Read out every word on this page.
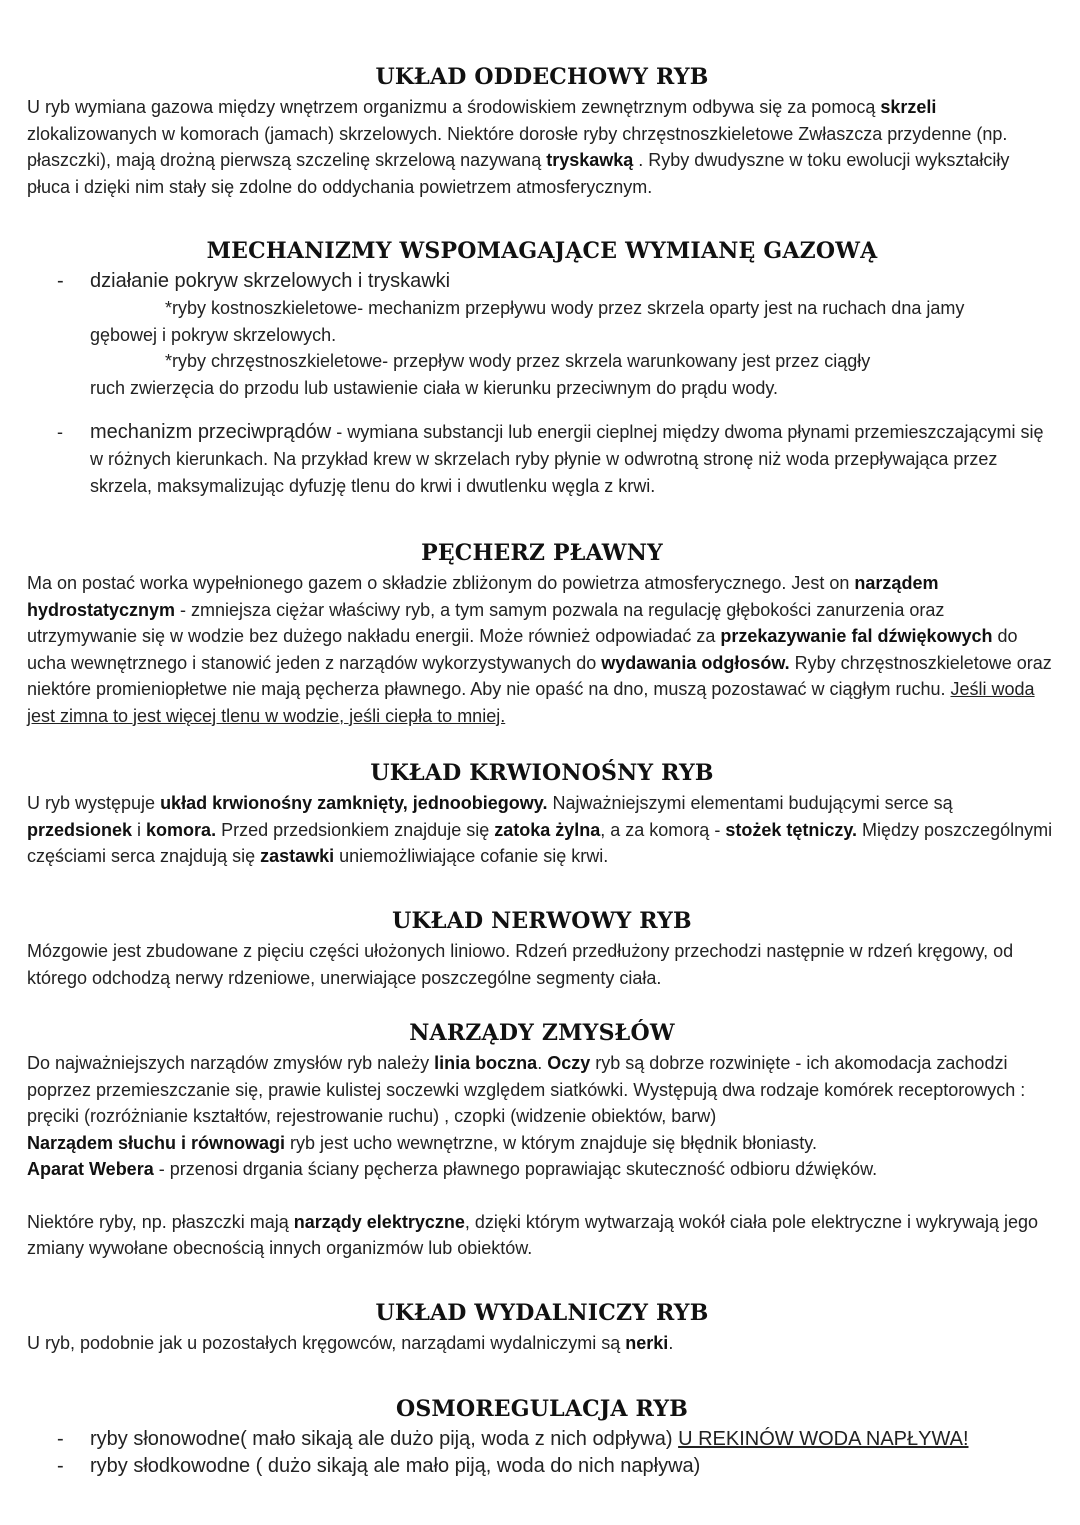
UKŁAD ODDECHOWY RYB

U ryb wymiana gazowa między wnętrzem organizmu a środowiskiem zewnętrznym odbywa się za pomocą skrzeli zlokalizowanych w komorach (jamach) skrzelowych. Niektóre dorosłe ryby chrzęstnoszkieletowe Zwłaszcza przydenne (np. płaszczki), mają drożną pierwszą szczelinę skrzelową nazywaną tryskawką . Ryby dwudyszne w toku ewolucji wykształciły płuca i dzięki nim stały się zdolne do oddychania powietrzem atmosferycznym.

MECHANIZMY WSPOMAGAJĄCE WYMIANĘ GAZOWĄ
- działanie pokryw skrzelowych i tryskawki

*ryby kostnoszkieletowe- mechanizm przepływu wody przez skrzela oparty jest na ruchach dna jamy

gębowej i pokryw skrzelowych.

*ryby chrzęstnoszkieletowe- przepływ wody przez skrzela warunkowany jest przez ciągły

ruch zwierzęcia do przodu lub ustawienie ciała w kierunku przeciwnym do prądu wody.

- mechanizm przeciwprądów - wymiana substancji lub energii cieplnej między dwoma płynami przemieszczającymi się w różnych kierunkach. Na przykład krew w skrzelach ryby płynie w odwrotną stronę niż woda przepływająca przez skrzela, maksymalizując dyfuzję tlenu do krwi i dwutlenku węgla z krwi.
PĘCHERZ PŁAWNY

Ma on postać worka wypełnionego gazem o składzie zbliżonym do powietrza atmosferycznego. Jest on narządem hydrostatycznym - zmniejsza ciężar właściwy ryb, a tym samym pozwala na regulację głębokości zanurzenia oraz utrzymywanie się w wodzie bez dużego nakładu energii. Może również odpowiadać za przekazywanie fal dźwiękowych do ucha wewnętrznego i stanowić jeden z narządów wykorzystywanych do wydawania odgłosów. Ryby chrzęstnoszkieletowe oraz niektóre promieniopłetwe nie mają pęcherza pławnego. Aby nie opaść na dno, muszą pozostawać w ciągłym ruchu. Jeśli woda jest zimna to jest więcej tlenu w wodzie, jeśli ciepła to mniej.

UKŁAD KRWIONOŚNY RYB

U ryb występuje układ krwionośny zamknięty, jednoobiegowy. Najważniejszymi elementami budującymi serce są przedsionek i komora. Przed przedsionkiem znajduje się zatoka żylna, a za komorą - stożek tętniczy. Między poszczególnymi częściami serca znajdują się zastawki uniemożliwiające cofanie się krwi.

UKŁAD NERWOWY RYB

Mózgowie jest zbudowane z pięciu części ułożonych liniowo. Rdzeń przedłużony przechodzi następnie w rdzeń kręgowy, od którego odchodzą nerwy rdzeniowe, unerwiające poszczególne segmenty ciała.

NARZĄDY ZMYSŁÓW

Do najważniejszych narządów zmysłów ryb należy linia boczna. Oczy ryb są dobrze rozwinięte - ich akomodacja zachodzi poprzez przemieszczanie się, prawie kulistej soczewki względem siatkówki. Występują dwa rodzaje komórek receptorowych : pręciki (rozróżnianie kształtów, rejestrowanie ruchu) , czopki (widzenie obiektów, barw)
Narządem słuchu i równowagi ryb jest ucho wewnętrzne, w którym znajduje się błędnik błoniasty.
Aparat Webera - przenosi drgania ściany pęcherza pławnego poprawiając skuteczność odbioru dźwięków.

Niektóre ryby, np. płaszczki mają narządy elektryczne, dzięki którym wytwarzają wokół ciała pole elektryczne i wykrywają jego zmiany wywołane obecnością innych organizmów lub obiektów.

UKŁAD WYDALNICZY RYB

U ryb, podobnie jak u pozostałych kręgowców, narządami wydalniczymi są nerki.

OSMOREGULACJA RYB
- ryby słonowodne( mało sikają ale dużo piją, woda z nich odpływa) U REKINÓW WODA NAPŁYWA!
- ryby słodkowodne ( dużo sikają ale mało piją, woda do nich napływa)
